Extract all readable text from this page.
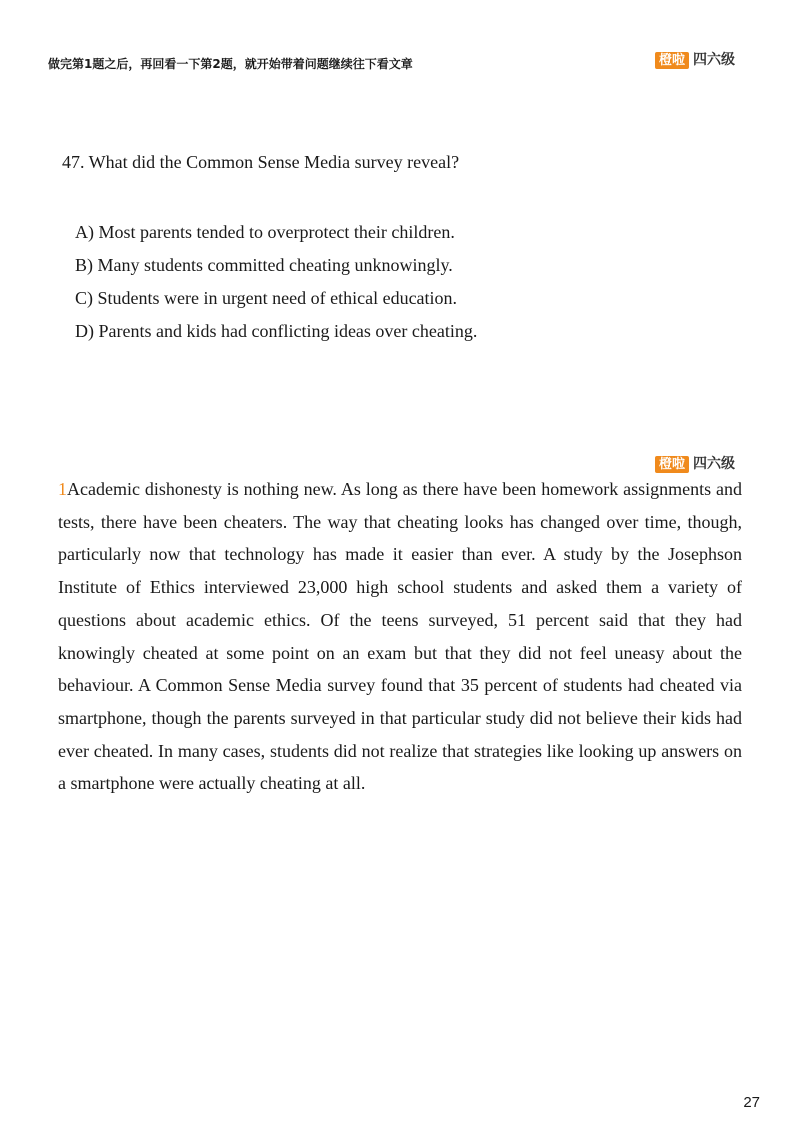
做完第1题之后，再回看一下第2题，就开始带着问题继续往下看文章	橙啦 四六级
47. What did the Common Sense Media survey reveal?
A) Most parents tended to overprotect their children.
B) Many students committed cheating unknowingly.
C) Students were in urgent need of ethical education.
D) Parents and kids had conflicting ideas over cheating.
橙啦 四六级

1Academic dishonesty is nothing new. As long as there have been homework assignments and tests, there have been cheaters. The way that cheating looks has changed over time, though, particularly now that technology has made it easier than ever. A study by the Josephson Institute of Ethics interviewed 23,000 high school students and asked them a variety of questions about academic ethics. Of the teens surveyed, 51 percent said that they had knowingly cheated at some point on an exam but that they did not feel uneasy about the behaviour. A Common Sense Media survey found that 35 percent of students had cheated via smartphone, though the parents surveyed in that particular study did not believe their kids had ever cheated. In many cases, students did not realize that strategies like looking up answers on a smartphone were actually cheating at all.

27
